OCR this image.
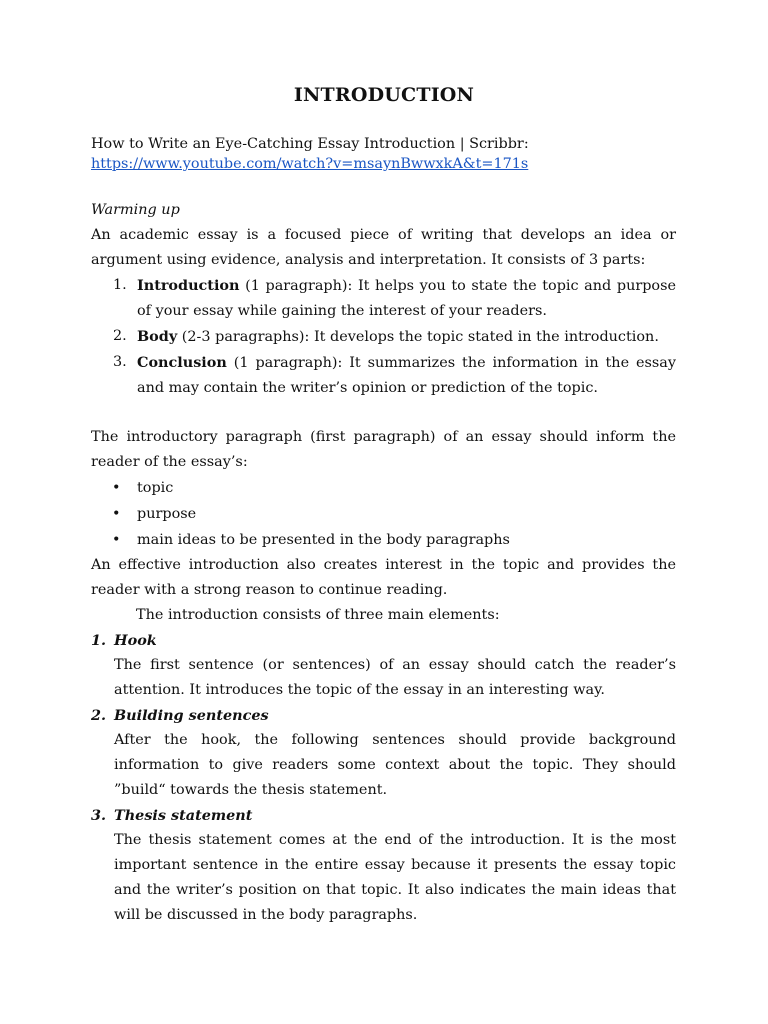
INTRODUCTION

How to Write an Eye-Catching Essay Introduction | Scribbr:
https://www.youtube.com/watch?v=msaynBwwxkA&t=171s

Warming up

An academic essay is a focused piece of writing that develops an idea or argument using evidence, analysis and interpretation. It consists of 3 parts:

1. Introduction (1 paragraph): It helps you to state the topic and purpose of your essay while gaining the interest of your readers.
2. Body (2-3 paragraphs): It develops the topic stated in the introduction.
3. Conclusion (1 paragraph): It summarizes the information in the essay and may contain the writer’s opinion or prediction of the topic.

The introductory paragraph (first paragraph) of an essay should inform the reader of the essay’s:

• topic
• purpose
• main ideas to be presented in the body paragraphs

An effective introduction also creates interest in the topic and provides the reader with a strong reason to continue reading.

The introduction consists of three main elements:

1. Hook

The first sentence (or sentences) of an essay should catch the reader’s attention. It introduces the topic of the essay in an interesting way.

2. Building sentences

After the hook, the following sentences should provide background information to give readers some context about the topic. They should ”build“ towards the thesis statement.

3. Thesis statement

The thesis statement comes at the end of the introduction. It is the most important sentence in the entire essay because it presents the essay topic and the writer’s position on that topic. It also indicates the main ideas that will be discussed in the body paragraphs.
